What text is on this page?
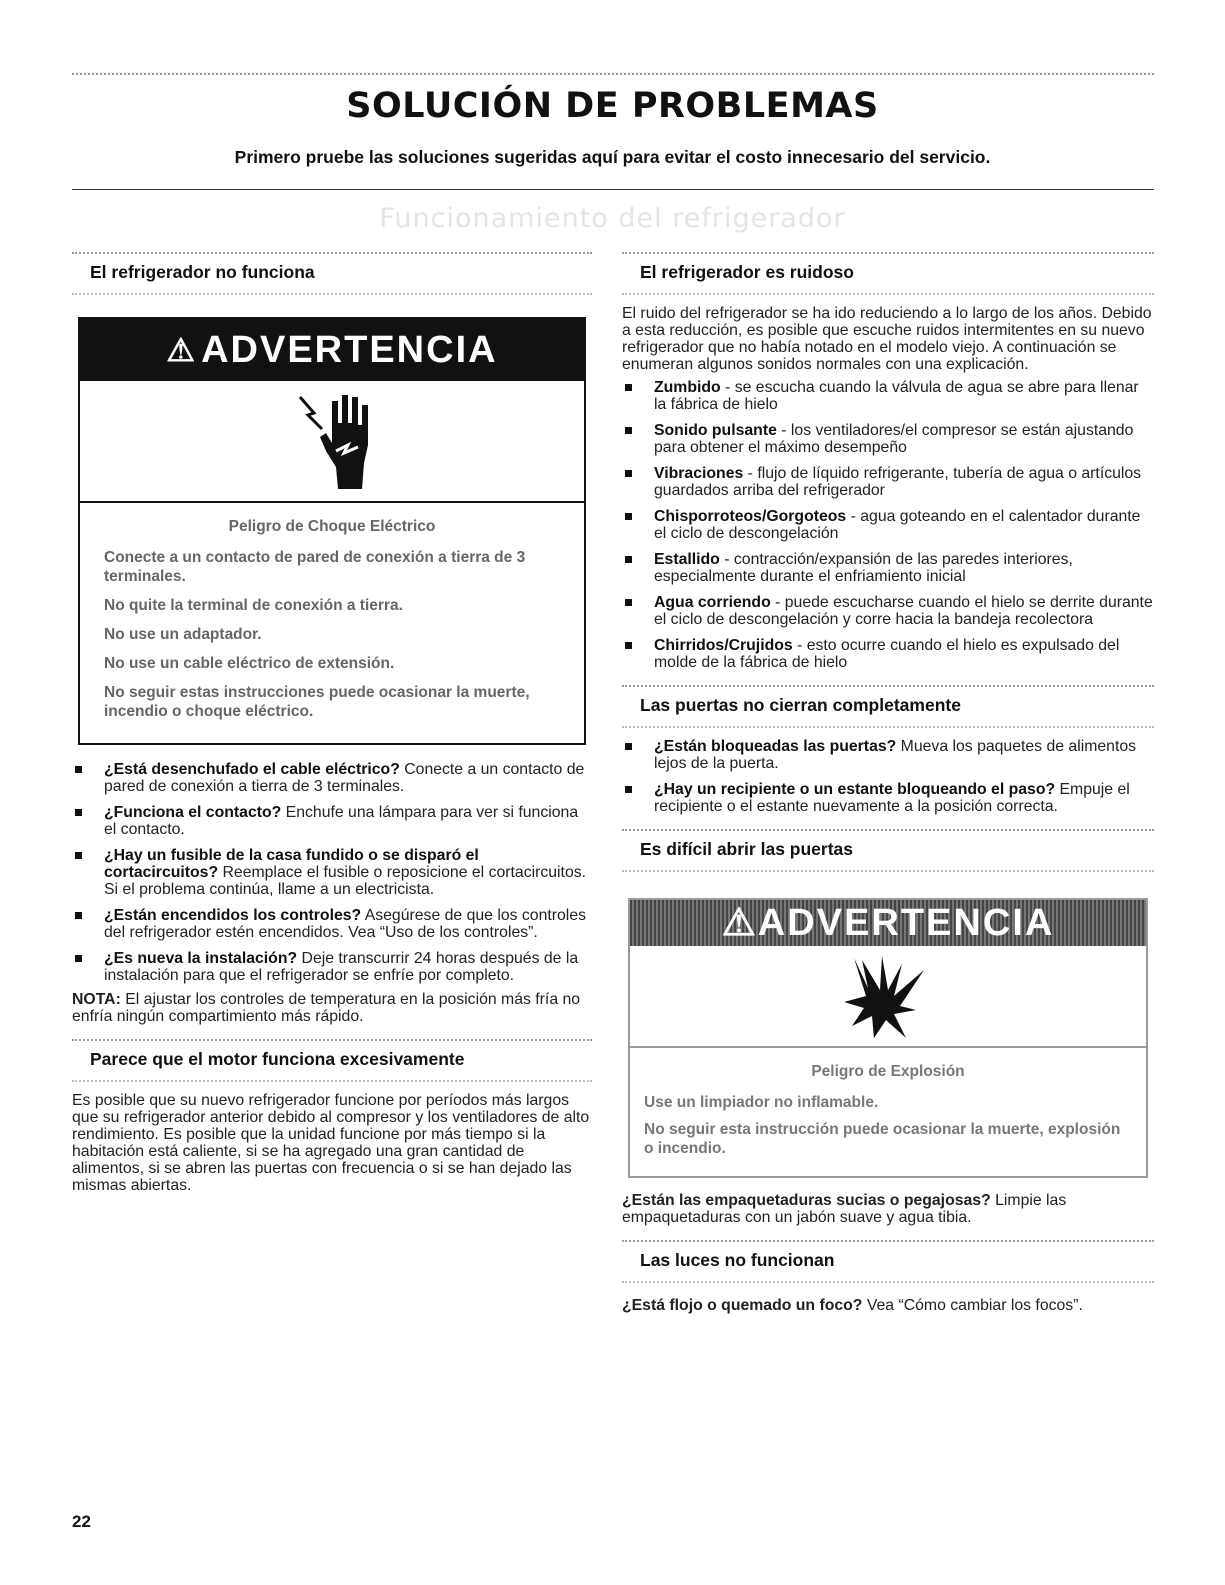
SOLUCIÓN DE PROBLEMAS
Primero pruebe las soluciones sugeridas aquí para evitar el costo innecesario del servicio.
Funcionamiento del refrigerador
El refrigerador no funciona
⚠ ADVERTENCIA
Peligro de Choque Eléctrico

Conecte a un contacto de pared de conexión a tierra de 3 terminales.

No quite la terminal de conexión a tierra.

No use un adaptador.

No use un cable eléctrico de extensión.

No seguir estas instrucciones puede ocasionar la muerte, incendio o choque eléctrico.

¿Está desenchufado el cable eléctrico? Conecte a un contacto de pared de conexión a tierra de 3 terminales.
¿Funciona el contacto? Enchufe una lámpara para ver si funciona el contacto.
¿Hay un fusible de la casa fundido o se disparó el cortacircuitos? Reemplace el fusible o reposicione el cortacircuitos. Si el problema continúa, llame a un electricista.
¿Están encendidos los controles? Asegúrese de que los controles del refrigerador estén encendidos. Vea “Uso de los controles”.
¿Es nueva la instalación? Deje transcurrir 24 horas después de la instalación para que el refrigerador se enfríe por completo.

NOTA: El ajustar los controles de temperatura en la posición más fría no enfría ningún compartimiento más rápido.

Parece que el motor funciona excesivamente

Es posible que su nuevo refrigerador funcione por períodos más largos que su refrigerador anterior debido al compresor y los ventiladores de alto rendimiento. Es posible que la unidad funcione por más tiempo si la habitación está caliente, si se ha agregado una gran cantidad de alimentos, si se abren las puertas con frecuencia o si se han dejado las mismas abiertas.

El refrigerador es ruidoso

El ruido del refrigerador se ha ido reduciendo a lo largo de los años. Debido a esta reducción, es posible que escuche ruidos intermitentes en su nuevo refrigerador que no había notado en el modelo viejo. A continuación se enumeran algunos sonidos normales con una explicación.

Zumbido - se escucha cuando la válvula de agua se abre para llenar la fábrica de hielo
Sonido pulsante - los ventiladores/el compresor se están ajustando para obtener el máximo desempeño
Vibraciones - flujo de líquido refrigerante, tubería de agua o artículos guardados arriba del refrigerador
Chisporroteos/Gorgoteos - agua goteando en el calentador durante el ciclo de descongelación
Estallido - contracción/expansión de las paredes interiores, especialmente durante el enfriamiento inicial
Agua corriendo - puede escucharse cuando el hielo se derrite durante el ciclo de descongelación y corre hacia la bandeja recolectora
Chirridos/Crujidos - esto ocurre cuando el hielo es expulsado del molde de la fábrica de hielo
Las puertas no cierran completamente
¿Están bloqueadas las puertas? Mueva los paquetes de alimentos lejos de la puerta.
¿Hay un recipiente o un estante bloqueando el paso? Empuje el recipiente o el estante nuevamente a la posición correcta.
Es difícil abrir las puertas
⚠ADVERTENCIA
Peligro de Explosión

Use un limpiador no inflamable.

No seguir esta instrucción puede ocasionar la muerte, explosión o incendio.

¿Están las empaquetaduras sucias o pegajosas? Limpie las empaquetaduras con un jabón suave y agua tibia.

Las luces no funcionan

¿Está flojo o quemado un foco? Vea “Cómo cambiar los focos”.

22
